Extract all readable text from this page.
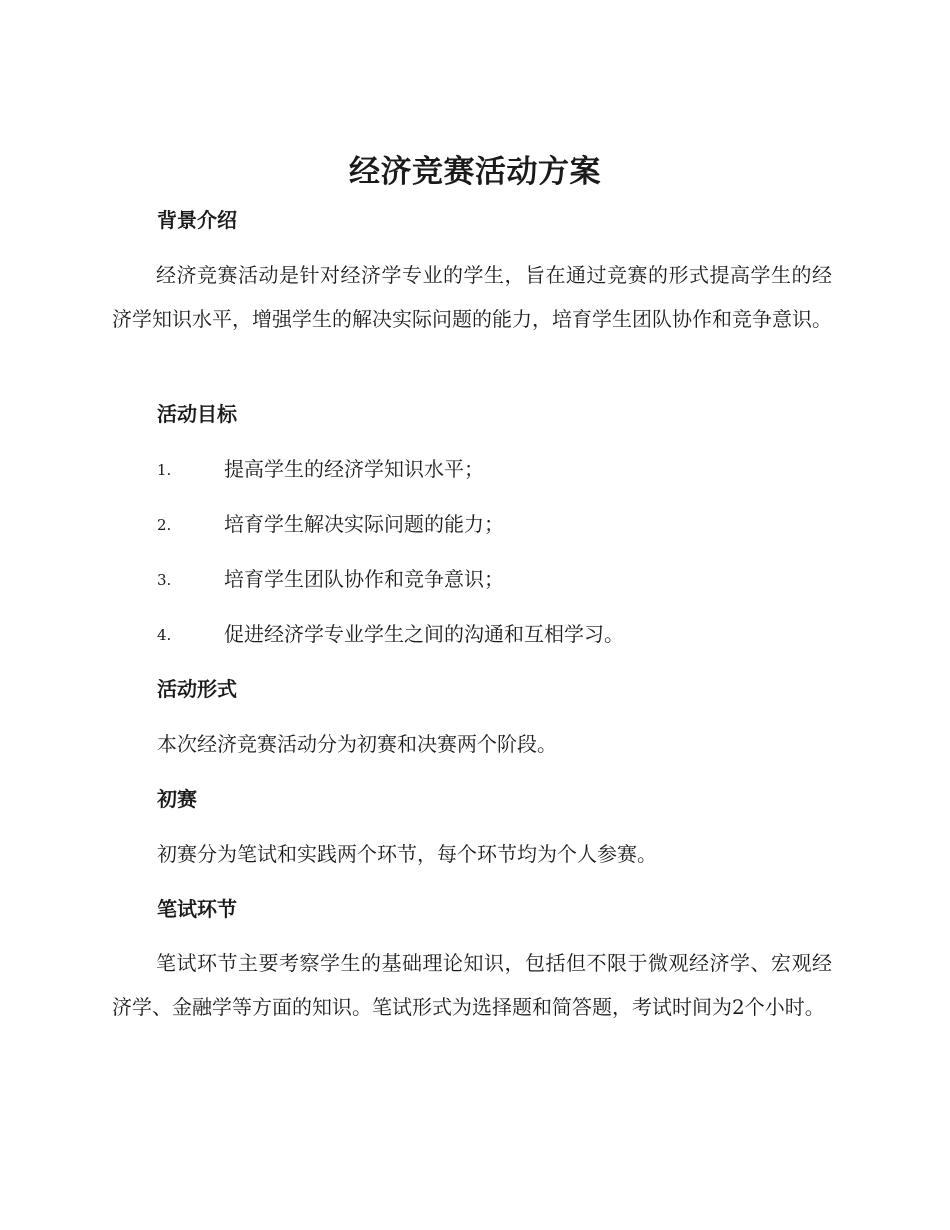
经济竞赛活动方案
背景介绍
经济竞赛活动是针对经济学专业的学生，旨在通过竞赛的形式提高学生的经济学知识水平，增强学生的解决实际问题的能力，培育学生团队协作和竞争意识。
活动目标
1.	提高学生的经济学知识水平；
2.	培育学生解决实际问题的能力；
3.	培育学生团队协作和竞争意识；
4.	促进经济学专业学生之间的沟通和互相学习。
活动形式
本次经济竞赛活动分为初赛和决赛两个阶段。
初赛
初赛分为笔试和实践两个环节，每个环节均为个人参赛。
笔试环节
笔试环节主要考察学生的基础理论知识，包括但不限于微观经济学、宏观经济学、金融学等方面的知识。笔试形式为选择题和简答题，考试时间为2个小时。
